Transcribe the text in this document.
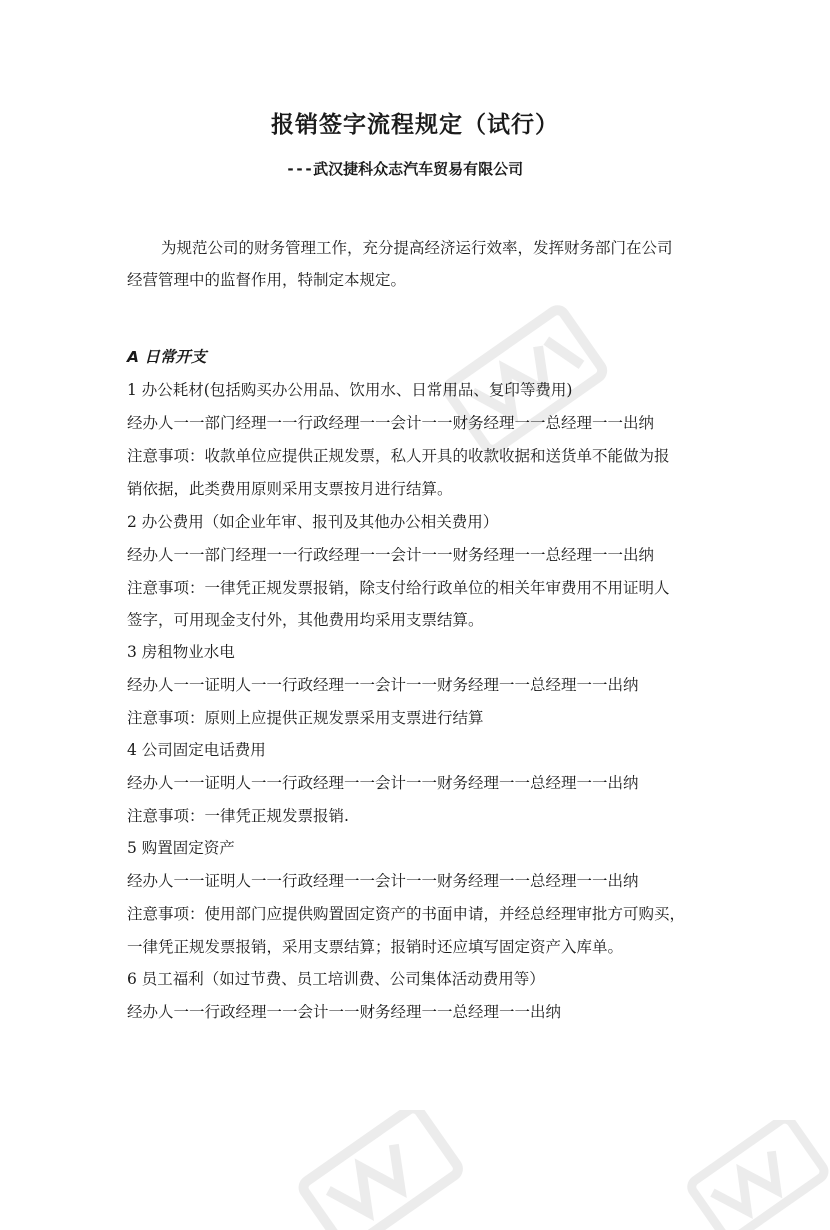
报销签字流程规定（试行）
---武汉捷科众志汽车贸易有限公司

为规范公司的财务管理工作，充分提高经济运行效率，发挥财务部门在公司

经营管理中的监督作用，特制定本规定。

A 日常开支
1 办公耗材(包括购买办公用品、饮用水、日常用品、复印等费用)
经办人一一部门经理一一行政经理一一会计一一财务经理一一总经理一一出纳
注意事项：收款单位应提供正规发票，私人开具的收款收据和送货单不能做为报
销依据，此类费用原则采用支票按月进行结算。
2 办公费用（如企业年审、报刊及其他办公相关费用）
经办人一一部门经理一一行政经理一一会计一一财务经理一一总经理一一出纳
注意事项：一律凭正规发票报销，除支付给行政单位的相关年审费用不用证明人
签字，可用现金支付外，其他费用均采用支票结算。
3 房租物业水电
经办人一一证明人一一行政经理一一会计一一财务经理一一总经理一一出纳
注意事项：原则上应提供正规发票采用支票进行结算
4 公司固定电话费用
经办人一一证明人一一行政经理一一会计一一财务经理一一总经理一一出纳
注意事项：一律凭正规发票报销.
5 购置固定资产
经办人一一证明人一一行政经理一一会计一一财务经理一一总经理一一出纳
注意事项：使用部门应提供购置固定资产的书面申请，并经总经理审批方可购买，
一律凭正规发票报销，采用支票结算；报销时还应填写固定资产入库单。
6 员工福利（如过节费、员工培训费、公司集体活动费用等）
经办人一一行政经理一一会计一一财务经理一一总经理一一出纳
